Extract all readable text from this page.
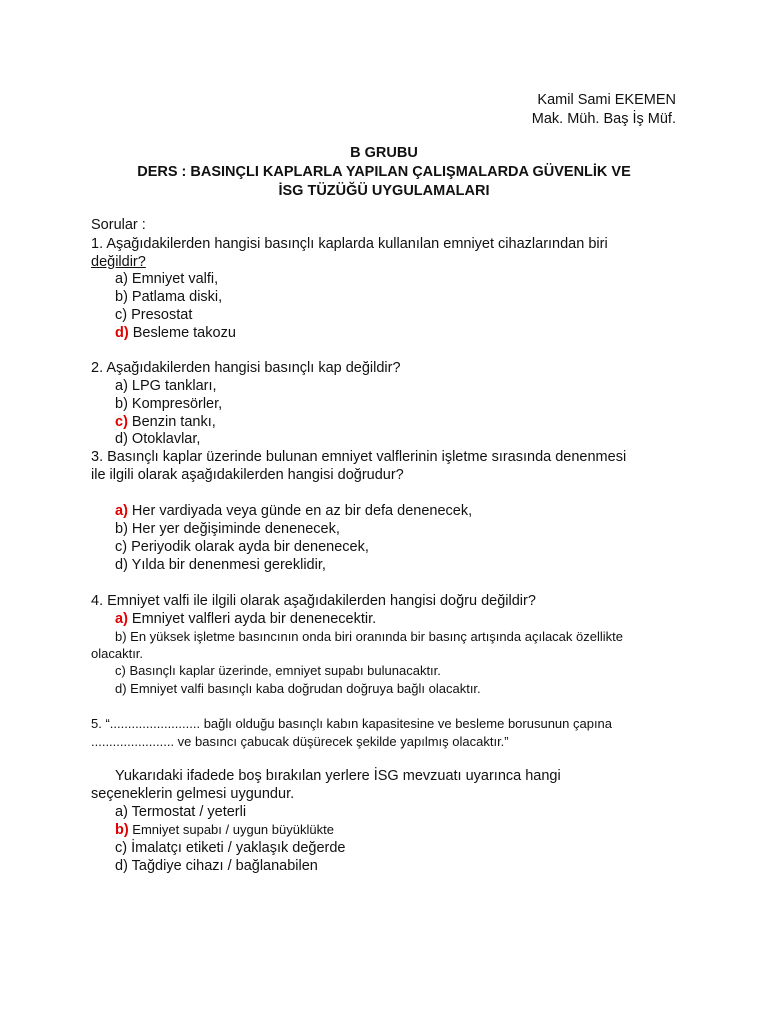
Kamil Sami EKEMEN
Mak. Müh. Baş İş Müf.
B GRUBU
DERS : BASINÇLI KAPLARLA YAPILAN ÇALIŞMALARDA GÜVENLİK VE
İSG TÜZÜĞÜ UYGULAMALARI
Sorular :
1. Aşağıdakilerden hangisi basınçlı kaplarda kullanılan emniyet cihazlarından biri
değildir?
a) Emniyet valfi,
b) Patlama diski,
c) Presostat
d) Besleme takozu
2. Aşağıdakilerden hangisi basınçlı kap değildir?
a) LPG tankları,
b) Kompresörler,
c) Benzin tankı,
d) Otoklavlar,
3. Basınçlı kaplar üzerinde bulunan emniyet valflerinin işletme sırasında denenmesi
ile ilgili olarak aşağıdakilerden hangisi doğrudur?
a) Her vardiyada veya günde en az bir defa denenecek,
b) Her yer değişiminde denenecek,
c) Periyodik olarak ayda bir denenecek,
d) Yılda bir denenmesi gereklidir,
4. Emniyet valfi ile ilgili olarak aşağıdakilerden hangisi doğru değildir?
a) Emniyet valfleri ayda bir denenecektir.
b) En yüksek işletme basıncının onda biri oranında bir basınç artışında açılacak özellikte
olacaktır.
c) Basınçlı kaplar üzerinde, emniyet supabı bulunacaktır.
d) Emniyet valfi basınçlı kaba doğrudan doğruya bağlı olacaktır.
5. “......................... bağlı olduğu basınçlı kabın kapasitesine ve besleme borusunun çapına
....................... ve basıncı çabucak düşürecek şekilde yapılmış olacaktır.”
Yukarıdaki ifadede boş bırakılan yerlere İSG mevzuatı uyarınca hangi
seçeneklerin gelmesi uygundur.
a) Termostat / yeterli
b) Emniyet supabı / uygun büyüklükte
c) İmalatçı etiketi / yaklaşık değerde
d) Tağdiye cihazı / bağlanabilen
